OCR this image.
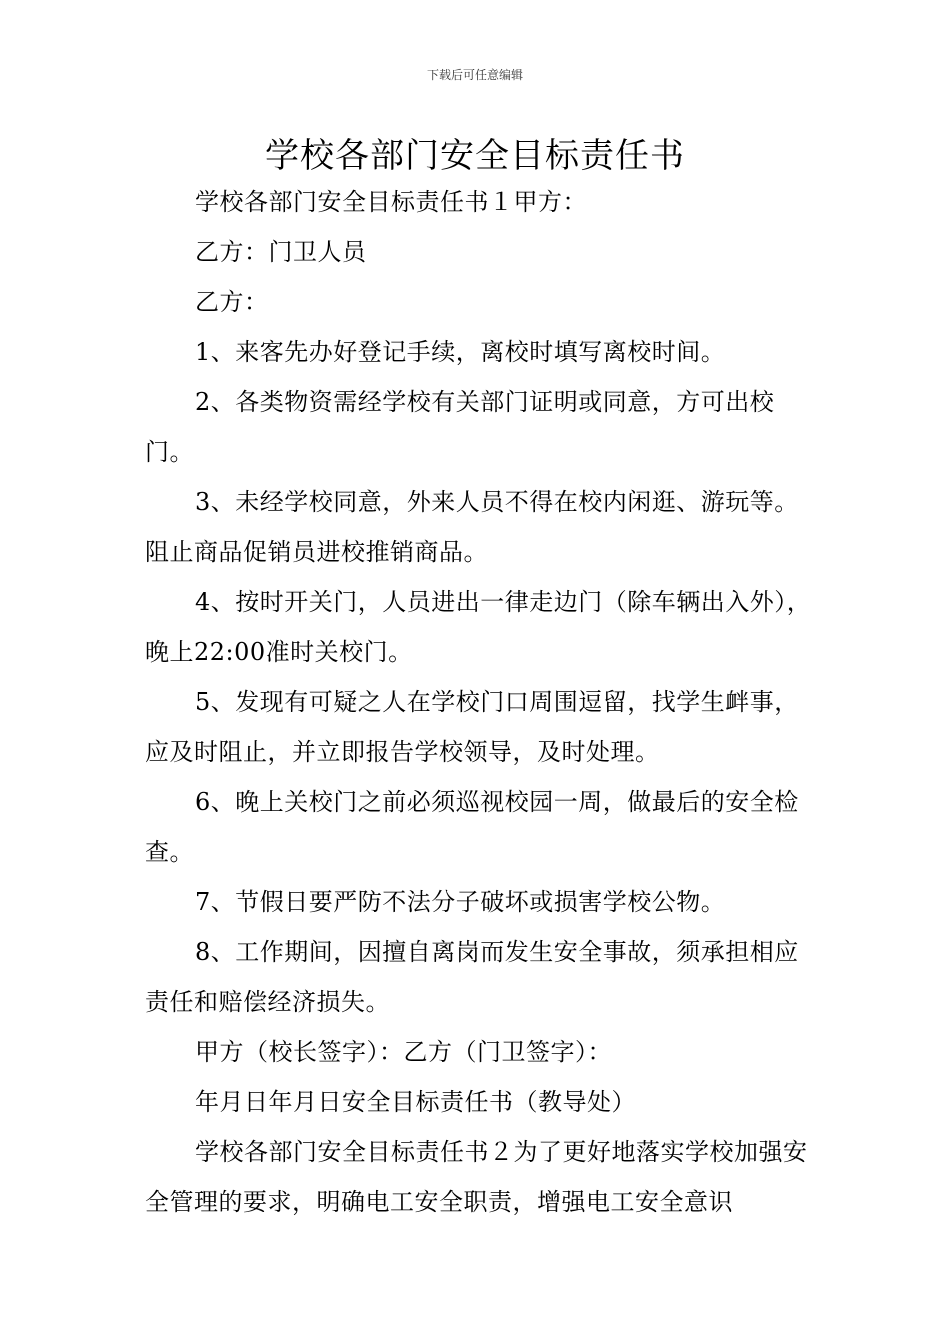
下载后可任意编辑
学校各部门安全目标责任书

学校各部门安全目标责任书１甲方：

乙方：门卫人员

乙方：

1、来客先办好登记手续，离校时填写离校时间。

2、各类物资需经学校有关部门证明或同意，方可出校门。

3、未经学校同意，外来人员不得在校内闲逛、游玩等。阻止商品促销员进校推销商品。

4、按时开关门，人员进出一律走边门（除车辆出入外），晚上22:00准时关校门。

5、发现有可疑之人在学校门口周围逗留，找学生衅事，应及时阻止，并立即报告学校领导，及时处理。

6、晚上关校门之前必须巡视校园一周，做最后的安全检查。

7、节假日要严防不法分子破坏或损害学校公物。

8、工作期间，因擅自离岗而发生安全事故，须承担相应责任和赔偿经济损失。

甲方（校长签字）：乙方（门卫签字）：

年月日年月日安全目标责任书（教导处）

学校各部门安全目标责任书２为了更好地落实学校加强安全管理的要求，明确电工安全职责，增强电工安全意识
